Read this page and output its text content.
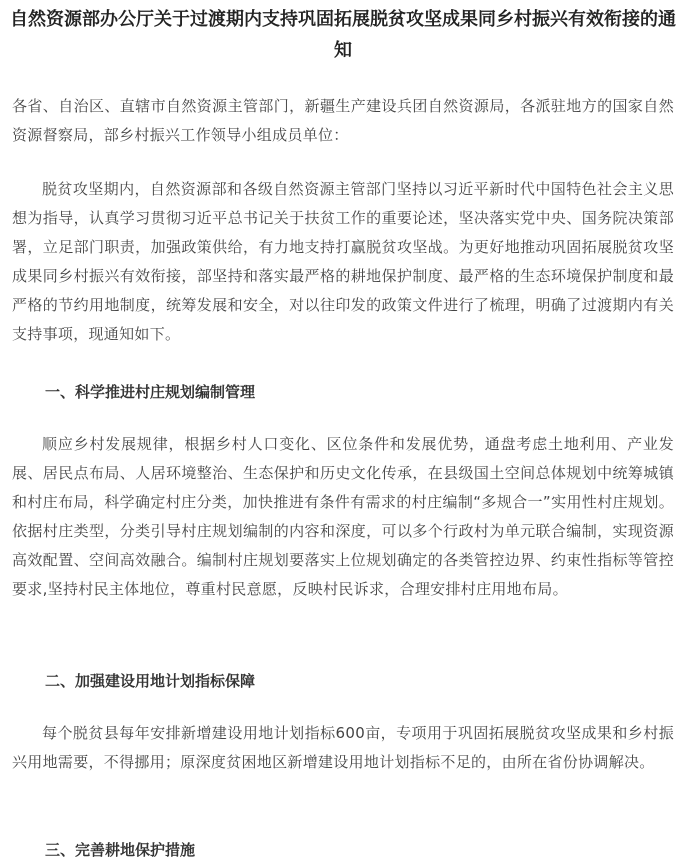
自然资源部办公厅关于过渡期内支持巩固拓展脱贫攻坚成果同乡村振兴有效衔接的通知

各省、自治区、直辖市自然资源主管部门，新疆生产建设兵团自然资源局，各派驻地方的国家自然资源督察局，部乡村振兴工作领导小组成员单位：

脱贫攻坚期内，自然资源部和各级自然资源主管部门坚持以习近平新时代中国特色社会主义思想为指导，认真学习贯彻习近平总书记关于扶贫工作的重要论述，坚决落实党中央、国务院决策部署，立足部门职责，加强政策供给，有力地支持打赢脱贫攻坚战。为更好地推动巩固拓展脱贫攻坚成果同乡村振兴有效衔接，部坚持和落实最严格的耕地保护制度、最严格的生态环境保护制度和最严格的节约用地制度，统筹发展和安全，对以往印发的政策文件进行了梳理，明确了过渡期内有关支持事项，现通知如下。

一、科学推进村庄规划编制管理

顺应乡村发展规律，根据乡村人口变化、区位条件和发展优势，通盘考虑土地利用、产业发展、居民点布局、人居环境整治、生态保护和历史文化传承，在县级国土空间总体规划中统筹城镇和村庄布局，科学确定村庄分类，加快推进有条件有需求的村庄编制“多规合一”实用性村庄规划。依据村庄类型，分类引导村庄规划编制的内容和深度，可以多个行政村为单元联合编制，实现资源高效配置、空间高效融合。编制村庄规划要落实上位规划确定的各类管控边界、约束性指标等管控要求,坚持村民主体地位，尊重村民意愿，反映村民诉求，合理安排村庄用地布局。

二、加强建设用地计划指标保障

每个脱贫县每年安排新增建设用地计划指标600亩，专项用于巩固拓展脱贫攻坚成果和乡村振兴用地需要，不得挪用；原深度贫困地区新增建设用地计划指标不足的，由所在省份协调解决。

三、完善耕地保护措施
